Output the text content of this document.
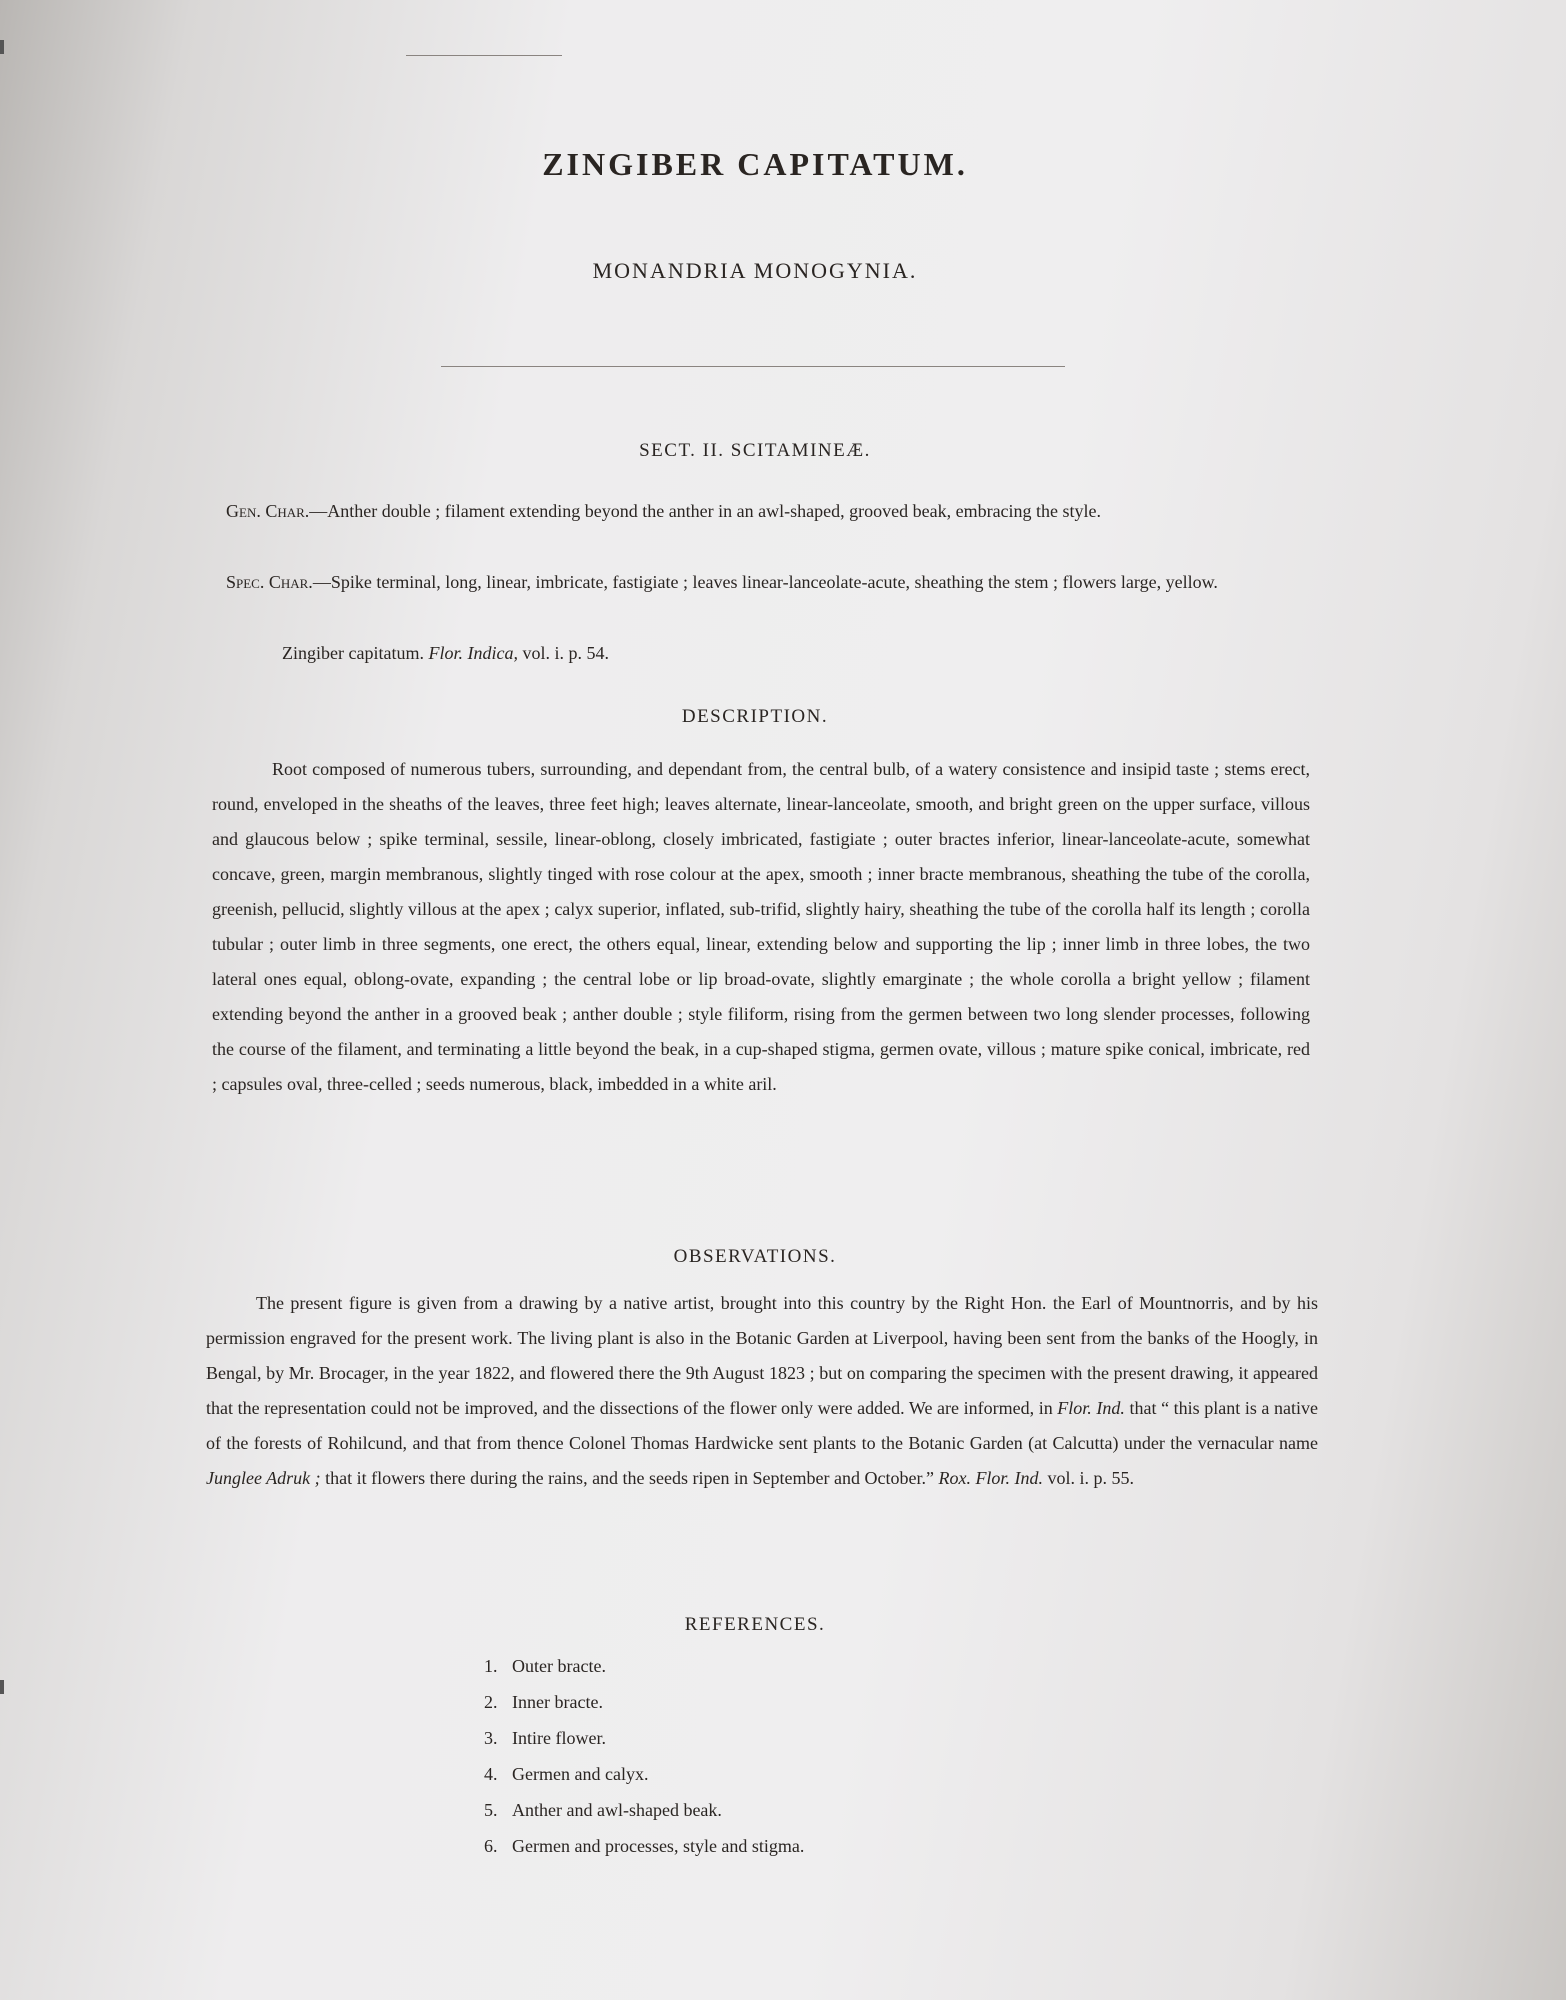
ZINGIBER CAPITATUM.
MONANDRIA MONOGYNIA.
SECT. II. SCITAMINEÆ.
Gen. Char.—Anther double ; filament extending beyond the anther in an awl-shaped, grooved beak, embracing the style.
Spec. Char.—Spike terminal, long, linear, imbricate, fastigiate ; leaves linear-lanceolate-acute, sheathing the stem ; flowers large, yellow.
Zingiber capitatum. Flor. Indica, vol. i. p. 54.
DESCRIPTION.
Root composed of numerous tubers, surrounding, and dependant from, the central bulb, of a watery consistence and insipid taste ; stems erect, round, enveloped in the sheaths of the leaves, three feet high; leaves alternate, linear-lanceolate, smooth, and bright green on the upper surface, villous and glaucous below ; spike terminal, sessile, linear-oblong, closely imbricated, fastigiate ; outer bractes inferior, linear-lanceolate-acute, somewhat concave, green, margin membranous, slightly tinged with rose colour at the apex, smooth ; inner bracte membranous, sheathing the tube of the corolla, greenish, pellucid, slightly villous at the apex ; calyx superior, inflated, sub-trifid, slightly hairy, sheathing the tube of the corolla half its length ; corolla tubular ; outer limb in three segments, one erect, the others equal, linear, extending below and supporting the lip ; inner limb in three lobes, the two lateral ones equal, oblong-ovate, expanding ; the central lobe or lip broad-ovate, slightly emarginate ; the whole corolla a bright yellow ; filament extending beyond the anther in a grooved beak ; anther double ; style filiform, rising from the germen between two long slender processes, following the course of the filament, and terminating a little beyond the beak, in a cup-shaped stigma, germen ovate, villous ; mature spike conical, imbricate, red ; capsules oval, three-celled ; seeds numerous, black, imbedded in a white aril.
OBSERVATIONS.
The present figure is given from a drawing by a native artist, brought into this country by the Right Hon. the Earl of Mountnorris, and by his permission engraved for the present work. The living plant is also in the Botanic Garden at Liverpool, having been sent from the banks of the Hoogly, in Bengal, by Mr. Brocager, in the year 1822, and flowered there the 9th August 1823 ; but on comparing the specimen with the present drawing, it appeared that the representation could not be improved, and the dissections of the flower only were added. We are informed, in Flor. Ind. that “ this plant is a native of the forests of Rohilcund, and that from thence Colonel Thomas Hardwicke sent plants to the Botanic Garden (at Calcutta) under the vernacular name Junglee Adruk ; that it flowers there during the rains, and the seeds ripen in September and October.” Rox. Flor. Ind. vol. i. p. 55.
REFERENCES.
1. Outer bracte.
2. Inner bracte.
3. Intire flower.
4. Germen and calyx.
5. Anther and awl-shaped beak.
6. Germen and processes, style and stigma.
